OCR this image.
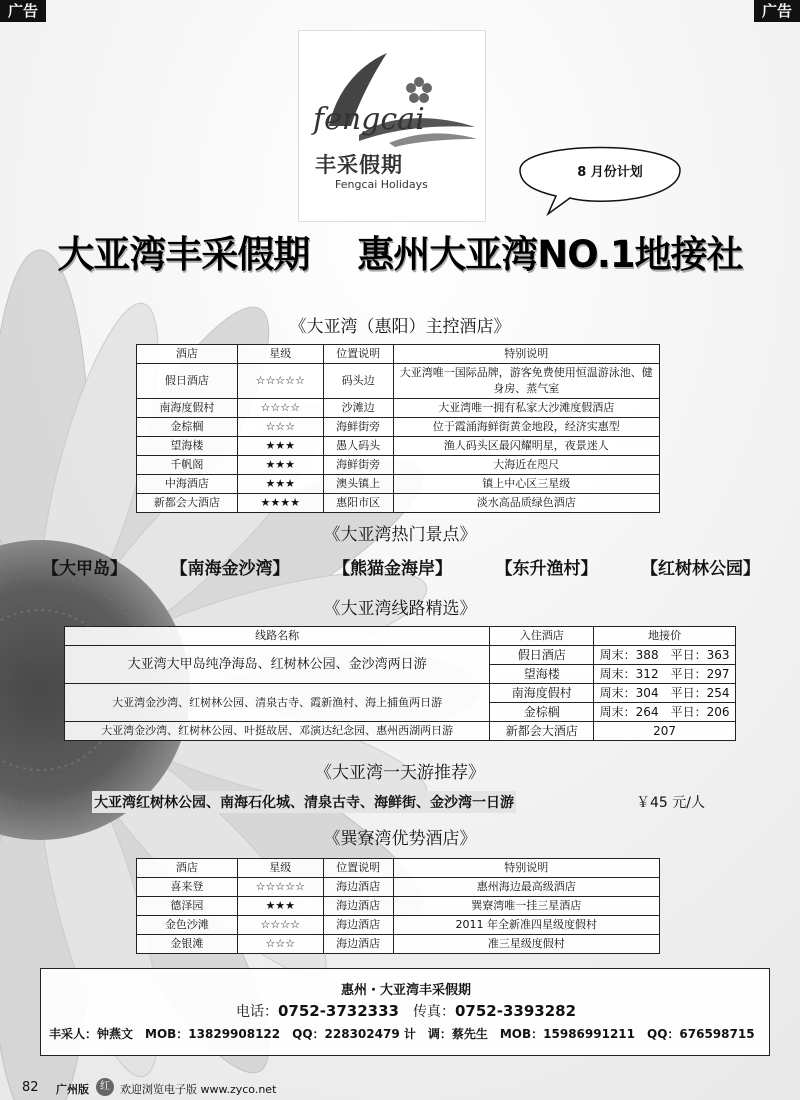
广告	广告
fengcai
丰采假期
Fengcai Holidays
8 月份计划
大亚湾丰采假期　 惠州大亚湾NO.1地接社
《大亚湾（惠阳）主控酒店》
酒店	星级	位置说明	特别说明
假日酒店	☆☆☆☆☆	码头边	大亚湾唯一国际品牌，游客免费使用恒温游泳池、健身房、蒸气室
南海度假村	☆☆☆☆	沙滩边	大亚湾唯一拥有私家大沙滩度假酒店
金棕榈	☆☆☆	海鲜街旁	位于霞涌海鲜街黄金地段，经济实惠型
望海楼	★★★	愚人码头	渔人码头区最闪耀明星，夜景迷人
千帆阁	★★★	海鲜街旁	大海近在咫尺
中海酒店	★★★	澳头镇上	镇上中心区三星级
新都会大酒店	★★★★	惠阳市区	淡水高品质绿色酒店
《大亚湾热门景点》
【大甲岛】	【南海金沙湾】	【熊猫金海岸】	【东升渔村】	【红树林公园】
《大亚湾线路精选》
线路名称	入住酒店	地接价
大亚湾大甲岛纯净海岛、红树林公园、金沙湾两日游	假日酒店	周末：388　平日：363
	望海楼	周末：312　平日：297
大亚湾金沙湾、红树林公园、清泉古寺、霞新渔村、海上捕鱼两日游	南海度假村	周末：304　平日：254
	金棕榈	周末：264　平日：206
大亚湾金沙湾、红树林公园、叶挺故居、邓演达纪念园、惠州西湖两日游	新都会大酒店	207
《大亚湾一天游推荐》
大亚湾红树林公园、南海石化城、清泉古寺、海鲜街、金沙湾一日游	￥45 元/人
《巽寮湾优势酒店》
酒店	星级	位置说明	特别说明
喜来登	☆☆☆☆☆	海边酒店	惠州海边最高级酒店
德泽园	★★★	海边酒店	巽寮湾唯一挂三星酒店
金色沙滩	☆☆☆☆	海边酒店	2011 年全新准四星级度假村
金银滩	☆☆☆	海边酒店	准三星级度假村
惠州・大亚湾丰采假期
电话：0752-3732333　 传真：0752-3393282
丰采人：钟燕文　MOB：13829908122　QQ：228302479 计　调：蔡先生　MOB：15986991211　QQ：676598715
82 广州版	红 欢迎浏览电子版 www.zyco.net
